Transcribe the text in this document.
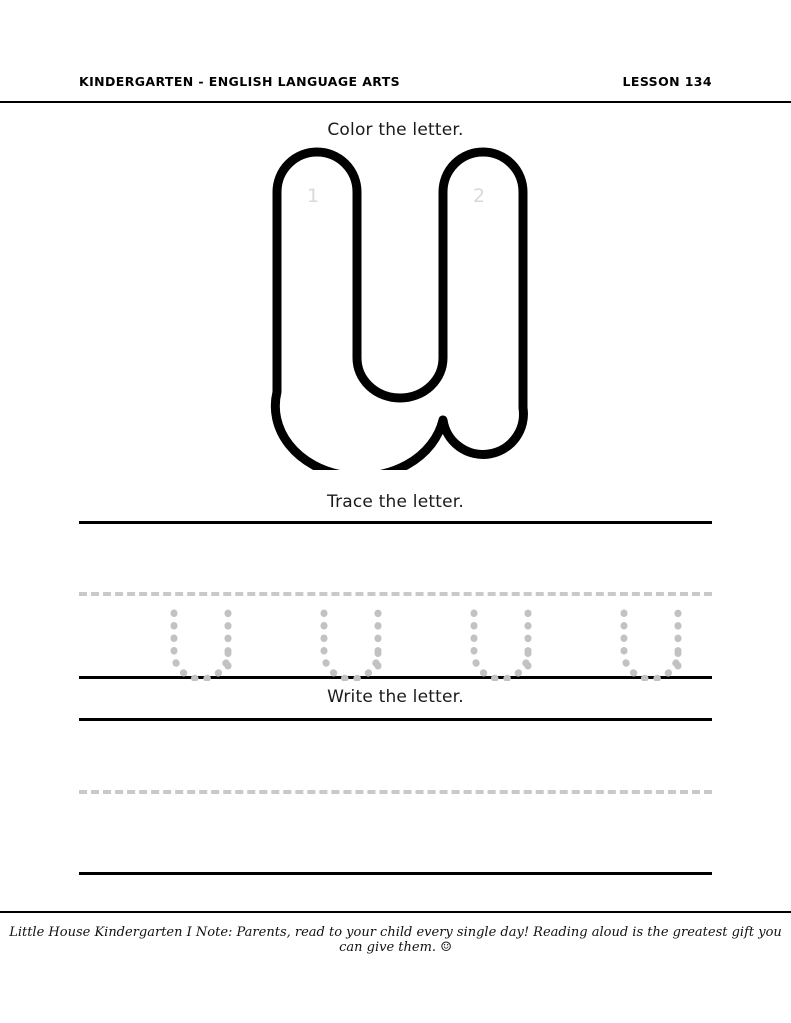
KINDERGARTEN - ENGLISH LANGUAGE ARTS	LESSON 134
Color the letter.
1	2
Trace the letter.
Write the letter.
Little House Kindergarten I Note: Parents, read to your child every single day! Reading aloud is the greatest gift you can give them. ☺
